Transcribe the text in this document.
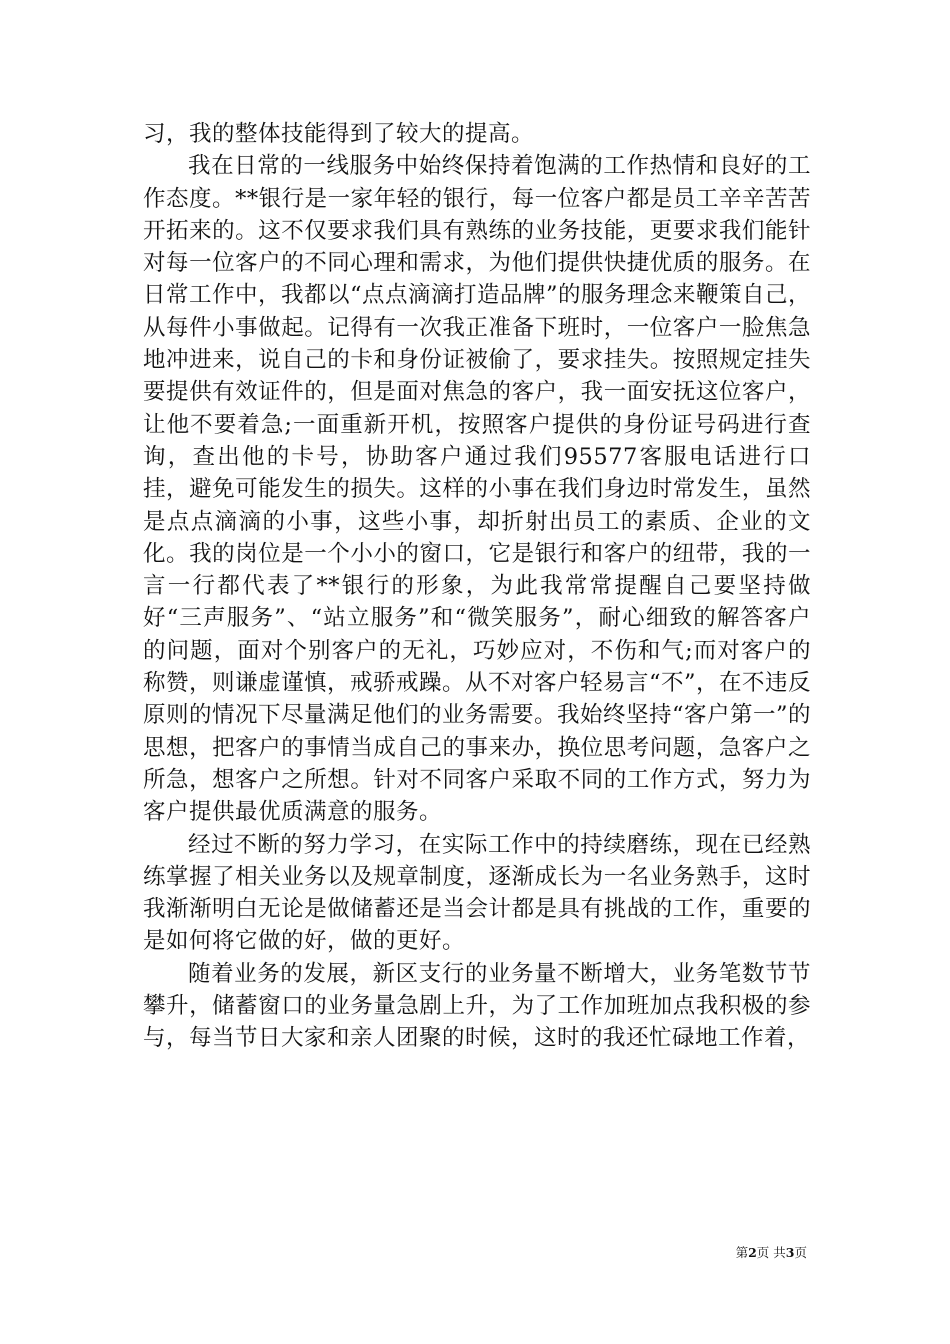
习，我的整体技能得到了较大的提高。

我在日常的一线服务中始终保持着饱满的工作热情和良好的工作态度。**银行是一家年轻的银行，每一位客户都是员工辛辛苦苦开拓来的。这不仅要求我们具有熟练的业务技能，更要求我们能针对每一位客户的不同心理和需求，为他们提供快捷优质的服务。在日常工作中，我都以“点点滴滴打造品牌”的服务理念来鞭策自己，从每件小事做起。记得有一次我正准备下班时，一位客户一脸焦急地冲进来，说自己的卡和身份证被偷了，要求挂失。按照规定挂失要提供有效证件的，但是面对焦急的客户，我一面安抚这位客户，让他不要着急;一面重新开机，按照客户提供的身份证号码进行查询，查出他的卡号，协助客户通过我们95577客服电话进行口挂，避免可能发生的损失。这样的小事在我们身边时常发生，虽然是点点滴滴的小事，这些小事，却折射出员工的素质、企业的文化。我的岗位是一个小小的窗口，它是银行和客户的纽带，我的一言一行都代表了**银行的形象，为此我常常提醒自己要坚持做好“三声服务”、“站立服务”和“微笑服务”，耐心细致的解答客户的问题，面对个别客户的无礼，巧妙应对，不伤和气;而对客户的称赞，则谦虚谨慎，戒骄戒躁。从不对客户轻易言“不”，在不违反原则的情况下尽量满足他们的业务需要。我始终坚持“客户第一”的思想，把客户的事情当成自己的事来办，换位思考问题，急客户之所急，想客户之所想。针对不同客户采取不同的工作方式，努力为客户提供最优质满意的服务。

经过不断的努力学习，在实际工作中的持续磨练，现在已经熟练掌握了相关业务以及规章制度，逐渐成长为一名业务熟手，这时我渐渐明白无论是做储蓄还是当会计都是具有挑战的工作，重要的是如何将它做的好，做的更好。

随着业务的发展，新区支行的业务量不断增大，业务笔数节节攀升，储蓄窗口的业务量急剧上升，为了工作加班加点我积极的参与，每当节日大家和亲人团聚的时候，这时的我还忙碌地工作着，

第2页 共3页
